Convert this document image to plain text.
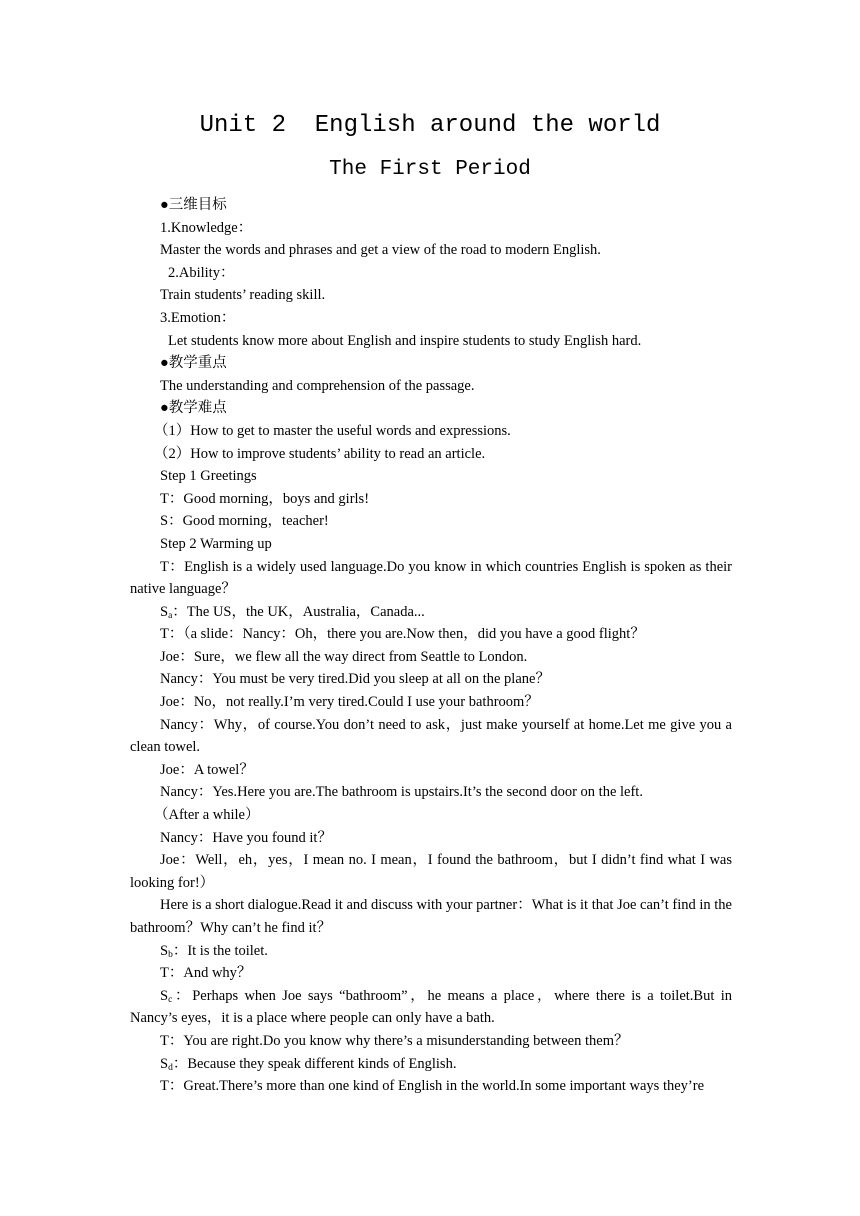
Unit 2  English around the world
The First Period

●三维目标

1.Knowledge：

Master the words and phrases and get a view of the road to modern English.

2.Ability：

Train students’ reading skill.

3.Emotion：

Let students know more about English and inspire students to study English hard.

●教学重点

The understanding and comprehension of the passage.

●教学难点

（1）How to get to master the useful words and expressions.

（2）How to improve students’ ability to read an article.

Step 1 Greetings

T：Good morning，boys and girls!

S：Good morning，teacher!

Step 2 Warming up

T：English is a widely used language.Do you know in which countries English is spoken as their native language？

$S_a$：The US，the UK，Australia，Canada...

T：（a slide：Nancy：Oh，there you are.Now then，did you have a good flight？

Joe：Sure，we flew all the way direct from Seattle to London.

Nancy：You must be very tired.Did you sleep at all on the plane？

Joe：No，not really.I’m very tired.Could I use your bathroom？

Nancy：Why，of course.You don’t need to ask，just make yourself at home.Let me give you a clean towel.

Joe：A towel？

Nancy：Yes.Here you are.The bathroom is upstairs.It’s the second door on the left.

（After a while）

Nancy：Have you found it？

Joe：Well，eh，yes，I mean no. I mean，I found the bathroom，but I didn’t find what I was looking for!）

Here is a short dialogue.Read it and discuss with your partner：What is it that Joe can’t find in the bathroom？Why can’t he find it？

$S_b$：It is the toilet.

T：And why？

$S_c$：Perhaps when Joe says “bathroom”，he means a place，where there is a toilet.But in Nancy’s eyes，it is a place where people can only have a bath.

T：You are right.Do you know why there’s a misunderstanding between them？

$S_d$：Because they speak different kinds of English.

T：Great.There’s more than one kind of English in the world.In some important ways they’re
